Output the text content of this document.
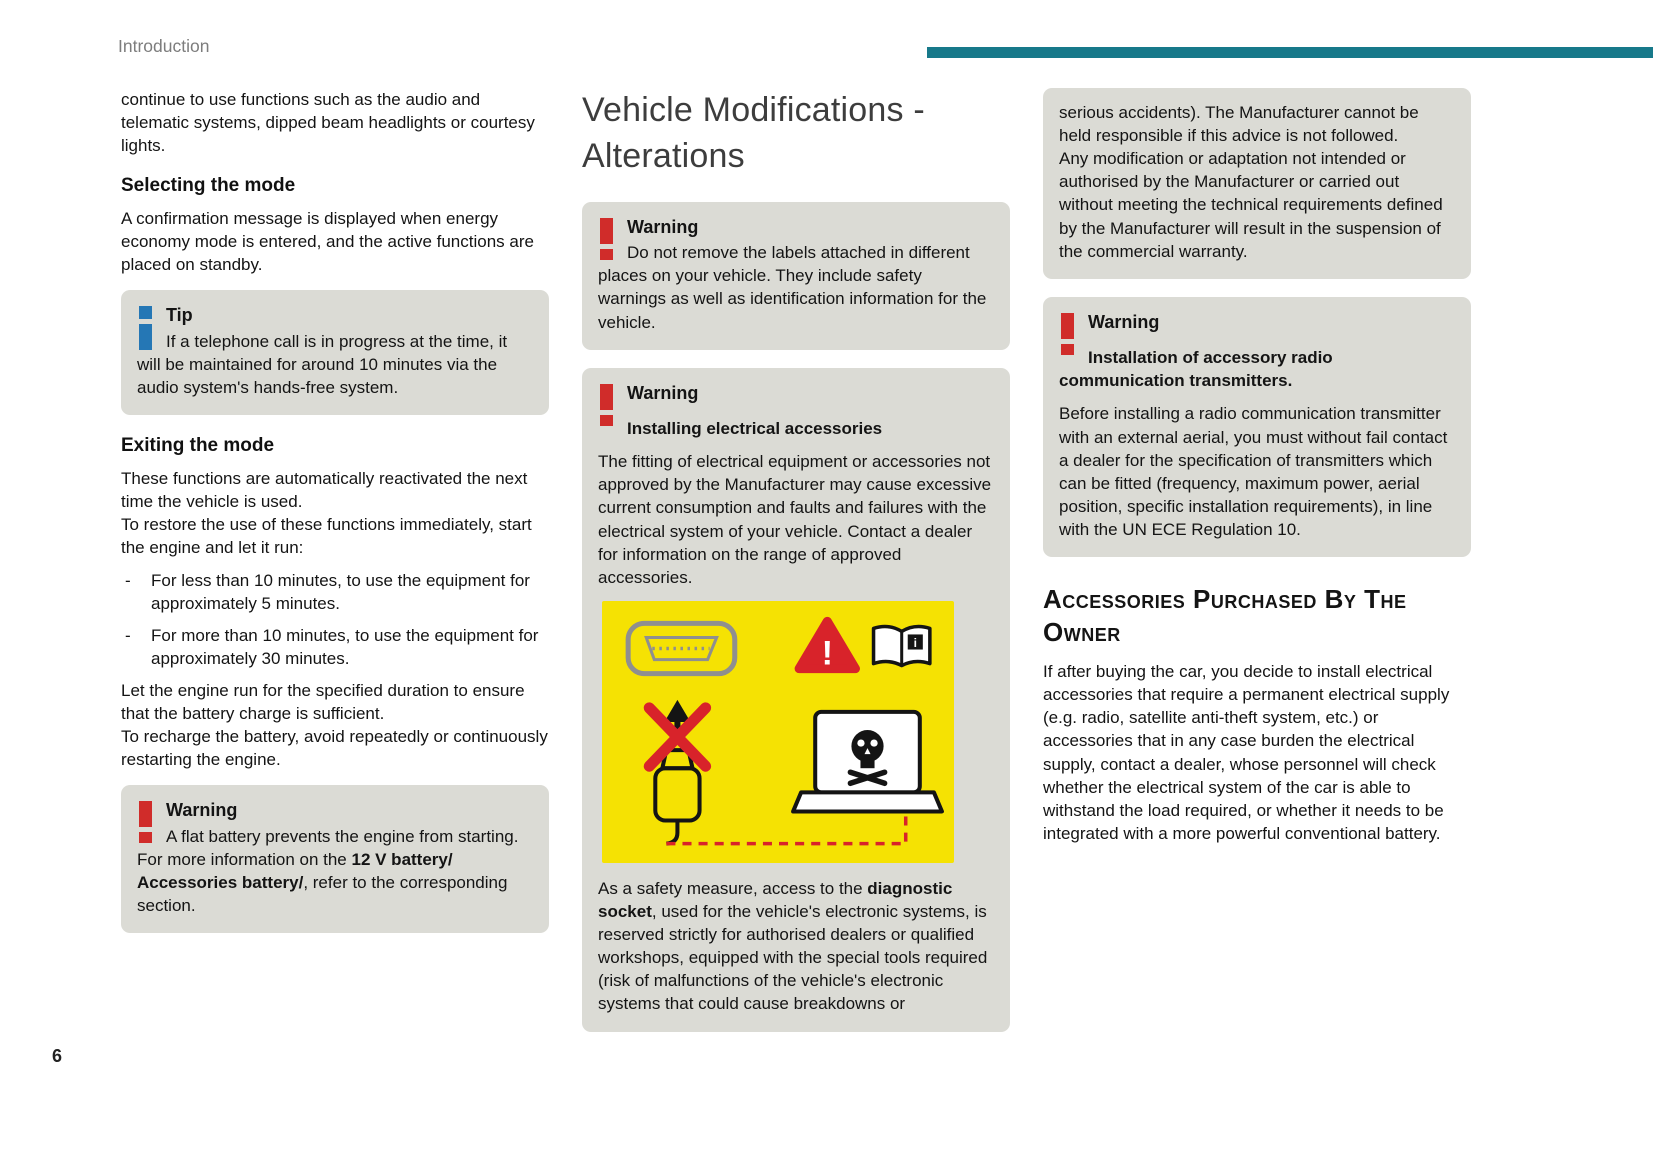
Introduction

continue to use functions such as the audio and telematic systems, dipped beam headlights or courtesy lights.

Selecting the mode

A confirmation message is displayed when energy economy mode is entered, and the active functions are placed on standby.

Tip

If a telephone call is in progress at the time, it will be maintained for around 10 minutes via the audio system's hands-free system.

Exiting the mode

These functions are automatically reactivated the next time the vehicle is used.

To restore the use of these functions immediately, start the engine and let it run:

-	For less than 10 minutes, to use the equipment for approximately 5 minutes.

-	For more than 10 minutes, to use the equipment for approximately 30 minutes.

Let the engine run for the specified duration to ensure that the battery charge is sufficient.

To recharge the battery, avoid repeatedly or continuously restarting the engine.

Warning

A flat battery prevents the engine from starting.

For more information on the 12 V battery/ Accessories battery/, refer to the corresponding section.

Vehicle Modifications - Alterations
Warning

Do not remove the labels attached in different places on your vehicle. They include safety warnings as well as identification information for the vehicle.

Warning
Installing electrical accessories

The fitting of electrical equipment or accessories not approved by the Manufacturer may cause excessive current consumption and faults and failures with the electrical system of your vehicle. Contact a dealer for information on the range of approved accessories.

!	i

As a safety measure, access to the diagnostic socket, used for the vehicle's electronic systems, is reserved strictly for authorised dealers or qualified workshops, equipped with the special tools required (risk of malfunctions of the vehicle's electronic systems that could cause breakdowns or

serious accidents). The Manufacturer cannot be held responsible if this advice is not followed.

Any modification or adaptation not intended or authorised by the Manufacturer or carried out without meeting the technical requirements defined by the Manufacturer will result in the suspension of the commercial warranty.

Warning
Installation of accessory radio communication transmitters.

Before installing a radio communication transmitter with an external aerial, you must without fail contact a dealer for the specification of transmitters which can be fitted (frequency, maximum power, aerial position, specific installation requirements), in line with the UN ECE Regulation 10.

Accessories Purchased By The Owner

If after buying the car, you decide to install electrical accessories that require a permanent electrical supply (e.g. radio, satellite anti-theft system, etc.) or accessories that in any case burden the electrical supply, contact a dealer, whose personnel will check whether the electrical system of the car is able to withstand the load required, or whether it needs to be integrated with a more powerful conventional battery.

6
